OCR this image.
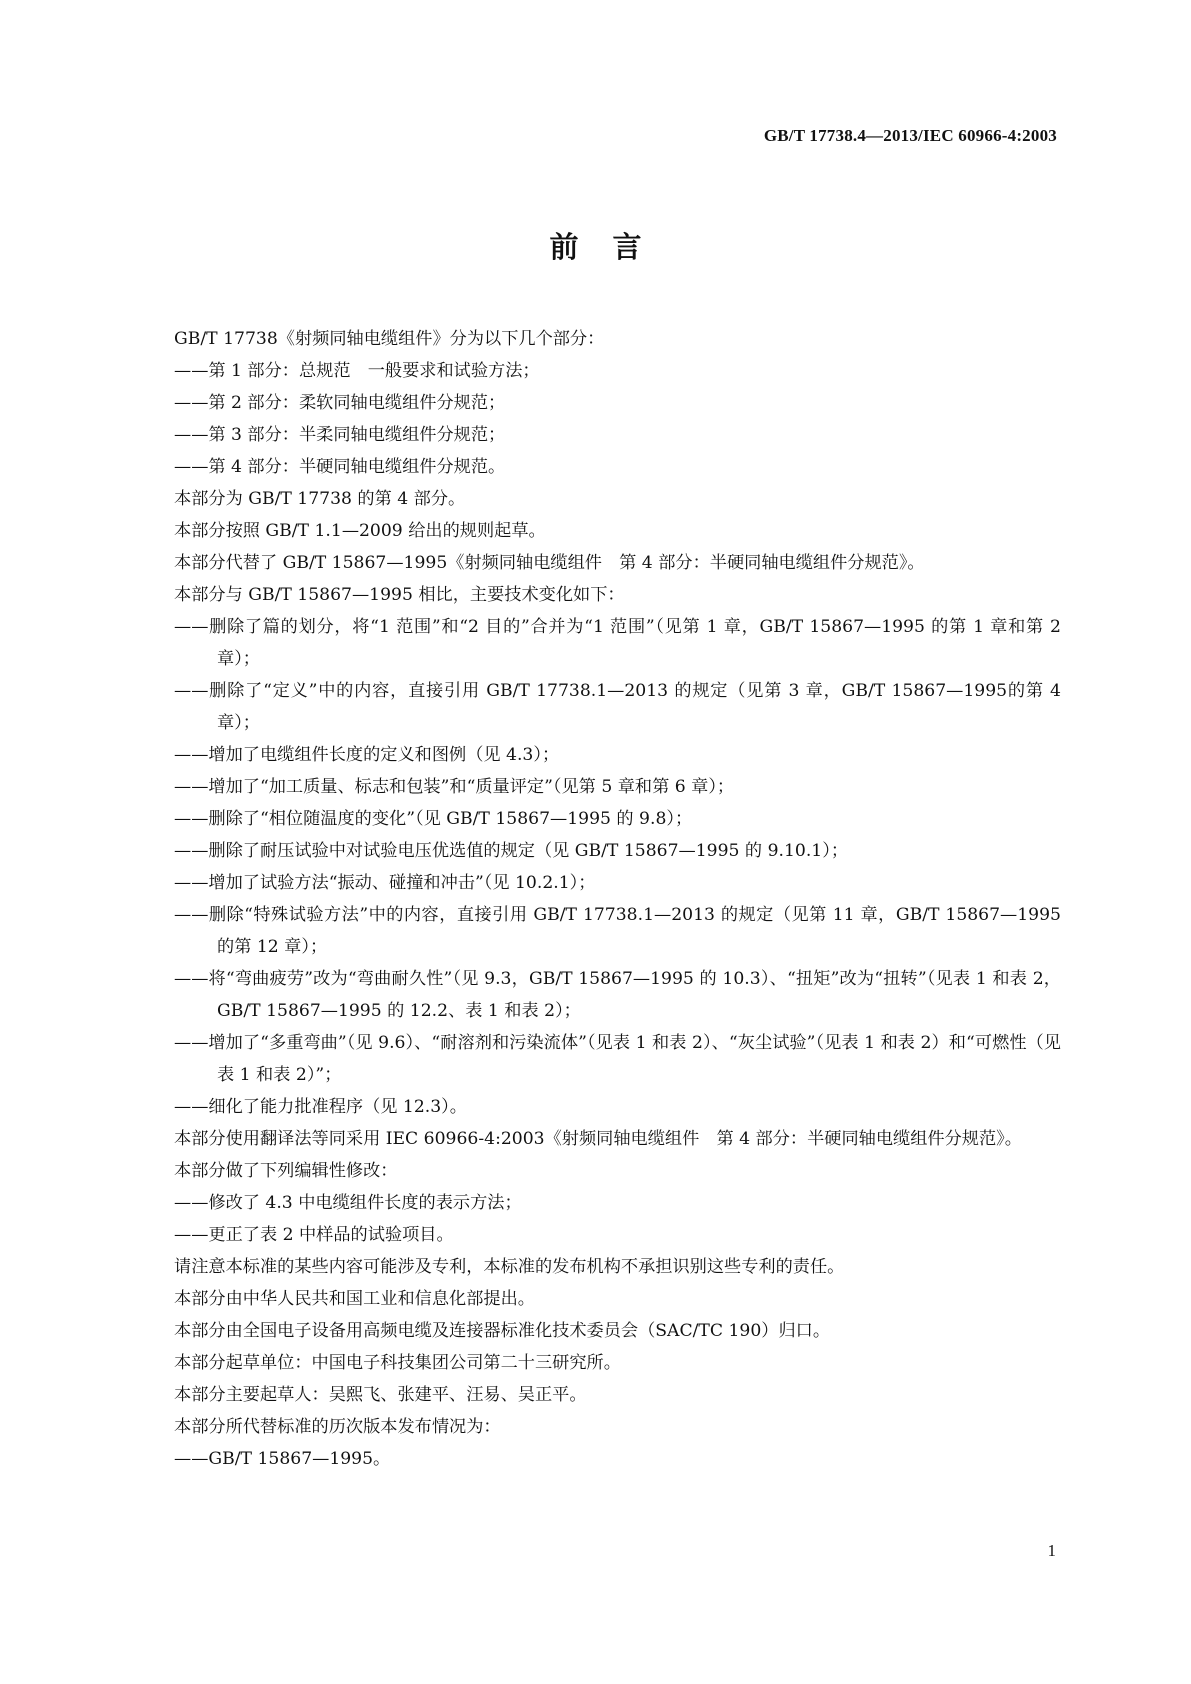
GB/T 17738.4—2013/IEC 60966-4:2003
前言

GB/T 17738《射频同轴电缆组件》分为以下几个部分：

——第 1 部分：总规范　一般要求和试验方法；

——第 2 部分：柔软同轴电缆组件分规范；

——第 3 部分：半柔同轴电缆组件分规范；

——第 4 部分：半硬同轴电缆组件分规范。

本部分为 GB/T 17738 的第 4 部分。

本部分按照 GB/T 1.1—2009 给出的规则起草。

本部分代替了 GB/T 15867—1995《射频同轴电缆组件　第 4 部分：半硬同轴电缆组件分规范》。

本部分与 GB/T 15867—1995 相比，主要技术变化如下：

——删除了篇的划分，将“1 范围”和“2 目的”合并为“1 范围”（见第 1 章，GB/T 15867—1995 的第 1 章和第 2 章）；

——删除了“定义”中的内容，直接引用 GB/T 17738.1—2013 的规定（见第 3 章，GB/T 15867—1995的第 4 章）；

——增加了电缆组件长度的定义和图例（见 4.3）；

——增加了“加工质量、标志和包装”和“质量评定”（见第 5 章和第 6 章）；

——删除了“相位随温度的变化”（见 GB/T 15867—1995 的 9.8）；

——删除了耐压试验中对试验电压优选值的规定（见 GB/T 15867—1995 的 9.10.1）；

——增加了试验方法“振动、碰撞和冲击”（见 10.2.1）；

——删除“特殊试验方法”中的内容，直接引用 GB/T 17738.1—2013 的规定（见第 11 章，GB/T 15867—1995的第 12 章）；

——将“弯曲疲劳”改为“弯曲耐久性”（见 9.3，GB/T 15867—1995 的 10.3）、“扭矩”改为“扭转”（见表 1 和表 2，GB/T 15867—1995 的 12.2、表 1 和表 2）；

——增加了“多重弯曲”（见 9.6）、“耐溶剂和污染流体”（见表 1 和表 2）、“灰尘试验”（见表 1 和表 2）和“可燃性（见表 1 和表 2）”；

——细化了能力批准程序（见 12.3）。

本部分使用翻译法等同采用 IEC 60966-4:2003《射频同轴电缆组件　第 4 部分：半硬同轴电缆组件分规范》。

本部分做了下列编辑性修改：

——修改了 4.3 中电缆组件长度的表示方法；

——更正了表 2 中样品的试验项目。

请注意本标准的某些内容可能涉及专利，本标准的发布机构不承担识别这些专利的责任。

本部分由中华人民共和国工业和信息化部提出。

本部分由全国电子设备用高频电缆及连接器标准化技术委员会（SAC/TC 190）归口。

本部分起草单位：中国电子科技集团公司第二十三研究所。

本部分主要起草人：吴熙飞、张建平、汪易、吴正平。

本部分所代替标准的历次版本发布情况为：

——GB/T 15867—1995。

1
